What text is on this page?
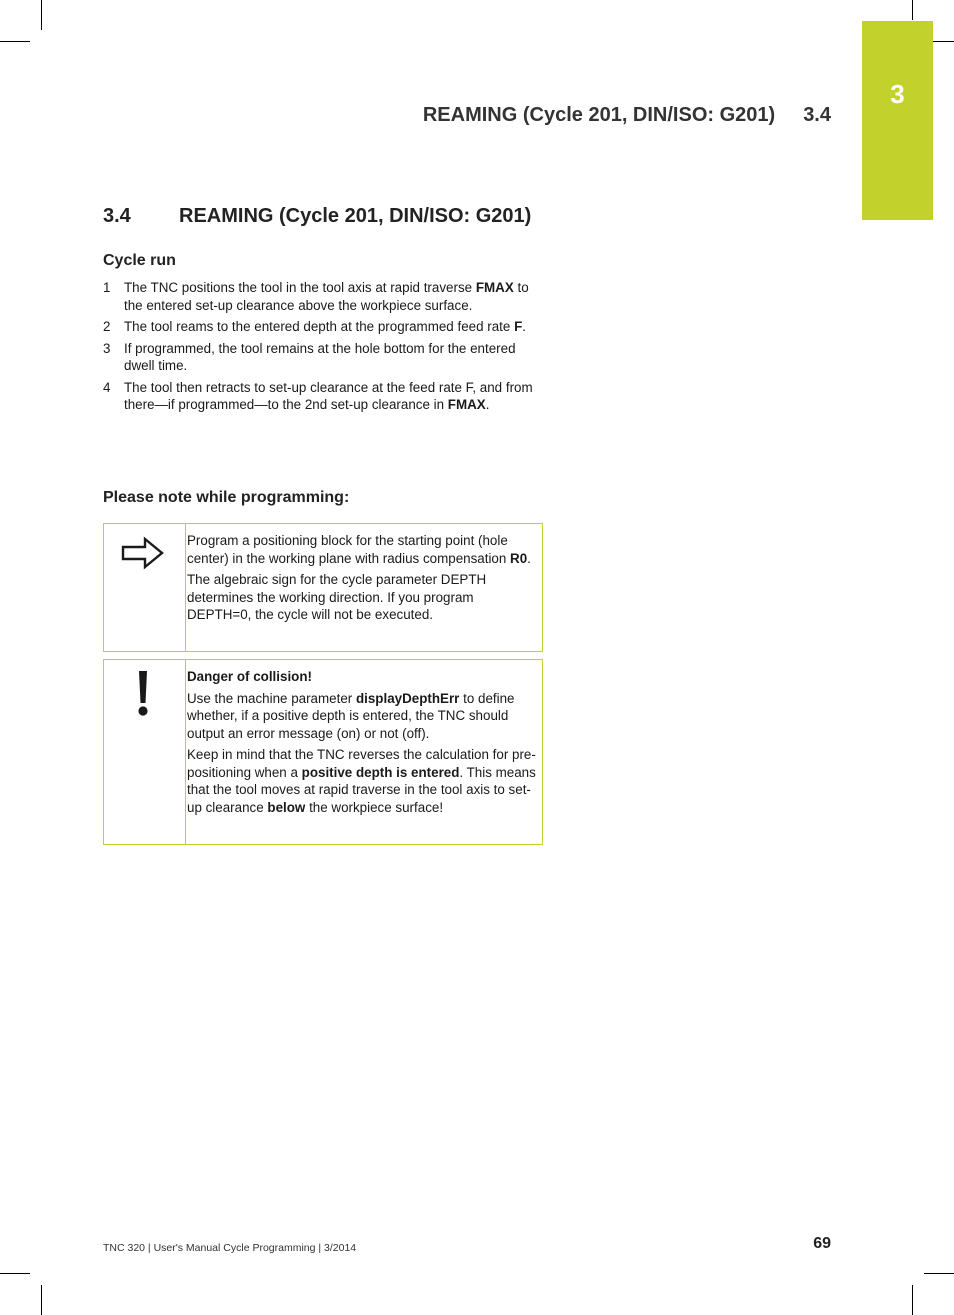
3
REAMING (Cycle 201, DIN/ISO: G201) 3.4
3.4 REAMING (Cycle 201, DIN/ISO: G201)
Cycle run
1 The TNC positions the tool in the tool axis at rapid traverse FMAX to the entered set-up clearance above the workpiece surface.
2 The tool reams to the entered depth at the programmed feed rate F.
3 If programmed, the tool remains at the hole bottom for the entered dwell time.
4 The tool then retracts to set-up clearance at the feed rate F, and from there—if programmed—to the 2nd set-up clearance in FMAX.
Please note while programming:

Program a positioning block for the starting point (hole center) in the working plane with radius compensation R0.

The algebraic sign for the cycle parameter DEPTH determines the working direction. If you program DEPTH=0, the cycle will not be executed.

Danger of collision!

Use the machine parameter displayDepthErr to define whether, if a positive depth is entered, the TNC should output an error message (on) or not (off).

Keep in mind that the TNC reverses the calculation for pre-positioning when a positive depth is entered. This means that the tool moves at rapid traverse in the tool axis to set-up clearance below the workpiece surface!

TNC 320 | User's Manual Cycle Programming | 3/2014	69
